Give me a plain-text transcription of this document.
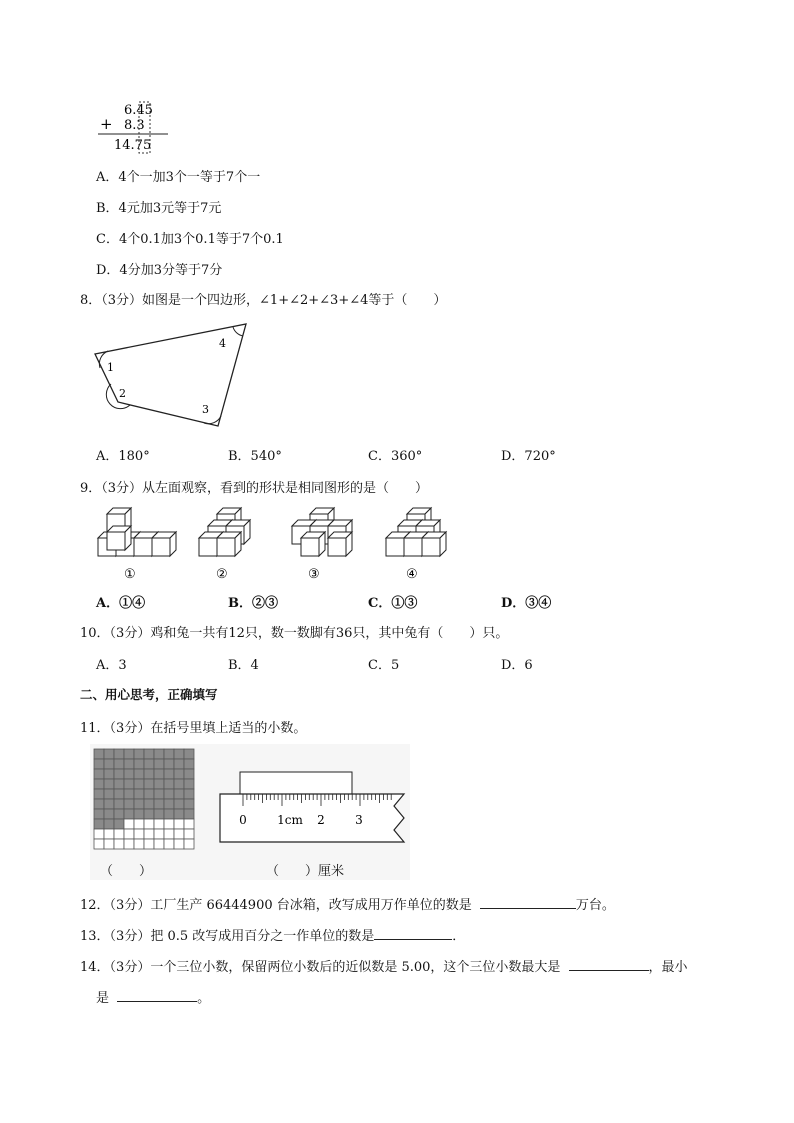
6.45
+ 8.3
14.75
A．4个一加3个一等于7个一
B．4元加3元等于7元
C．4个0.1加3个0.1等于7个0.1
D．4分加3分等于7分
8．（3分）如图是一个四边形，∠1+∠2+∠3+∠4等于（　　）
1
2
3
4
A．180°	B．540°	C．360°	D．720°
9．（3分）从左面观察，看到的形状是相同图形的是（　　）
①	②	③	④
A．①④	B．②③	C．①③	D．③④
10．（3分）鸡和兔一共有12只，数一数脚有36只，其中兔有（　　）只。
A．3	B．4	C．5	D．6
二、用心思考，正确填写
11．（3分）在括号里填上适当的小数。
（　　）
0	1cm 2	3
（　　）厘米
12．（3分）工厂生产 66444900 台冰箱，改写成用万作单位的数是	万台。
13．（3分）把 0.5 改写成用百分之一作单位的数是	．
14．（3分）一个三位小数，保留两位小数后的近似数是 5.00，这个三位小数最大是	，最小
是	。
